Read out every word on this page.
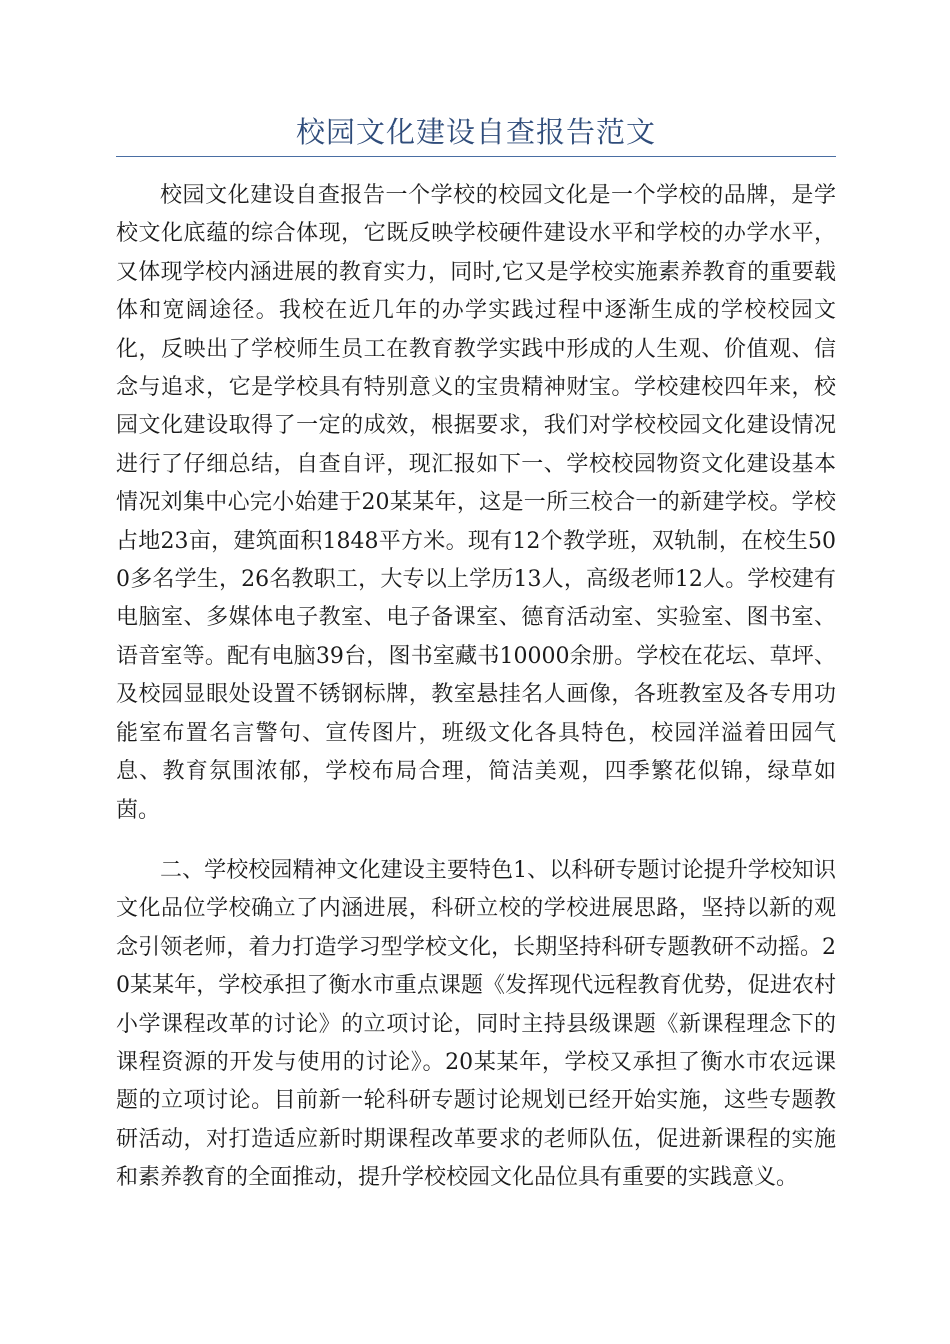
校园文化建设自查报告范文

校园文化建设自查报告一个学校的校园文化是一个学校的品牌，是学校文化底蕴的综合体现，它既反映学校硬件建设水平和学校的办学水平，又体现学校内涵进展的教育实力，同时,它又是学校实施素养教育的重要载体和宽阔途径。我校在近几年的办学实践过程中逐渐生成的学校校园文化，反映出了学校师生员工在教育教学实践中形成的人生观、价值观、信念与追求，它是学校具有特别意义的宝贵精神财宝。学校建校四年来，校园文化建设取得了一定的成效，根据要求，我们对学校校园文化建设情况进行了仔细总结，自查自评，现汇报如下一、学校校园物资文化建设基本情况刘集中心完小始建于20某某年，这是一所三校合一的新建学校。学校占地23亩，建筑面积1848平方米。现有12个教学班，双轨制，在校生500多名学生，26名教职工，大专以上学历13人，高级老师12人。学校建有电脑室、多媒体电子教室、电子备课室、德育活动室、实验室、图书室、语音室等。配有电脑39台，图书室藏书10000余册。学校在花坛、草坪、及校园显眼处设置不锈钢标牌，教室悬挂名人画像，各班教室及各专用功能室布置名言警句、宣传图片，班级文化各具特色，校园洋溢着田园气息、教育氛围浓郁，学校布局合理，简洁美观，四季繁花似锦，绿草如茵。

二、学校校园精神文化建设主要特色1、以科研专题讨论提升学校知识文化品位学校确立了内涵进展，科研立校的学校进展思路，坚持以新的观念引领老师，着力打造学习型学校文化，长期坚持科研专题教研不动摇。20某某年，学校承担了衡水市重点课题《发挥现代远程教育优势，促进农村小学课程改革的讨论》的立项讨论，同时主持县级课题《新课程理念下的课程资源的开发与使用的讨论》。20某某年，学校又承担了衡水市农远课题的立项讨论。目前新一轮科研专题讨论规划已经开始实施，这些专题教研活动，对打造适应新时期课程改革要求的老师队伍，促进新课程的实施和素养教育的全面推动，提升学校校园文化品位具有重要的实践意义。
